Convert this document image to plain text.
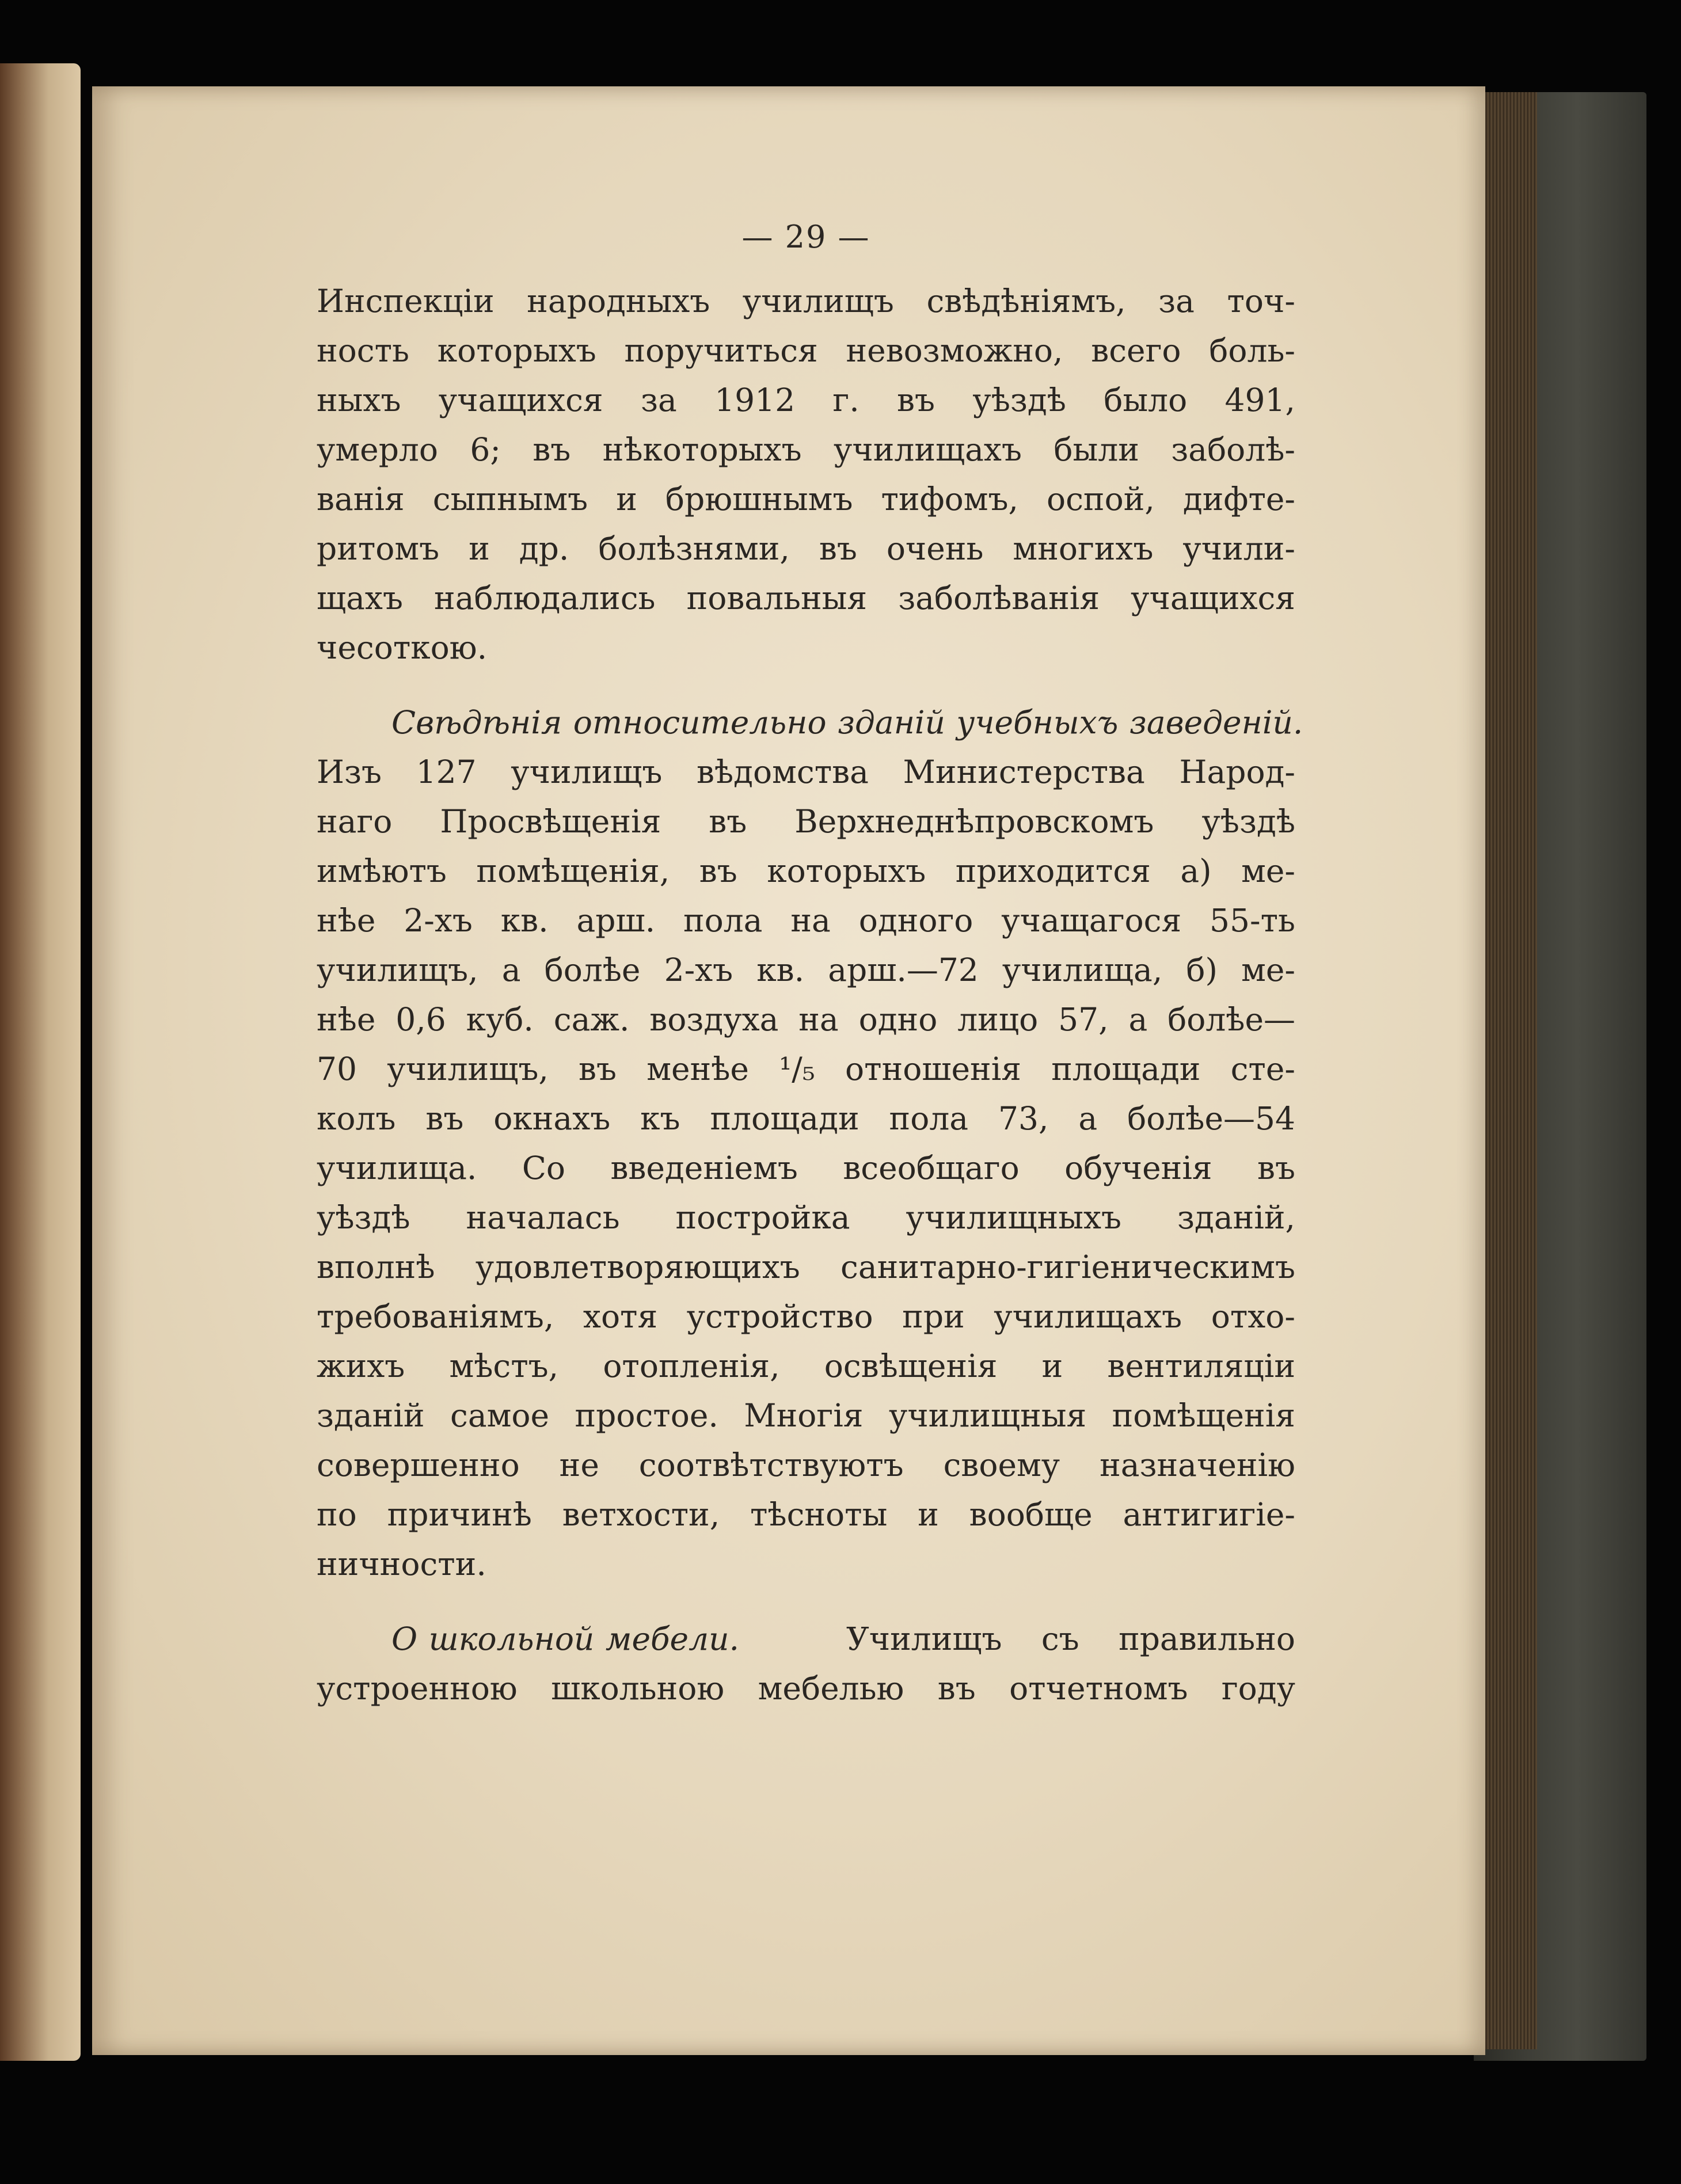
— 29 —
Инспекціи народныхъ училищъ свѣдѣніямъ, за точ-
ность которыхъ поручиться невозможно, всего боль-
ныхъ учащихся за 1912 г. въ уѣздѣ было 491,
умерло 6; въ нѣкоторыхъ училищахъ были заболѣ-
ванія сыпнымъ и брюшнымъ тифомъ, оспой, дифте-
ритомъ и др. болѣзнями, въ очень многихъ учили-
щахъ наблюдались повальныя заболѣванія учащихся
чесоткою.
Свѣдѣнія относительно зданій учебныхъ заведеній.
Изъ 127 училищъ вѣдомства Министерства Народ-
наго Просвѣщенія въ Верхнеднѣпровскомъ уѣздѣ
имѣютъ помѣщенія, въ которыхъ приходится а) ме-
нѣе 2-хъ кв. арш. пола на одного учащагося 55-ть
училищъ, а болѣе 2-хъ кв. арш.—72 училища, б) ме-
нѣе 0,6 куб. саж. воздуха на одно лицо 57, а болѣе—
70 училищъ, въ менѣе ¹/₅ отношенія площади сте-
колъ въ окнахъ къ площади пола 73, а болѣе—54
училища. Со введеніемъ всеобщаго обученія въ
уѣздѣ началась постройка училищныхъ зданій,
вполнѣ удовлетворяющихъ санитарно-гигіеническимъ
требованіямъ, хотя устройство при училищахъ отхо-
жихъ мѣстъ, отопленія, освѣщенія и вентиляціи
зданій самое простое. Многія училищныя помѣщенія
совершенно не соотвѣтствуютъ своему назначенію
по причинѣ ветхости, тѣсноты и вообще антигигіе-
ничности.
О школьной мебели.	Училищъ съ правильно
устроенною школьною мебелью въ отчетномъ году
